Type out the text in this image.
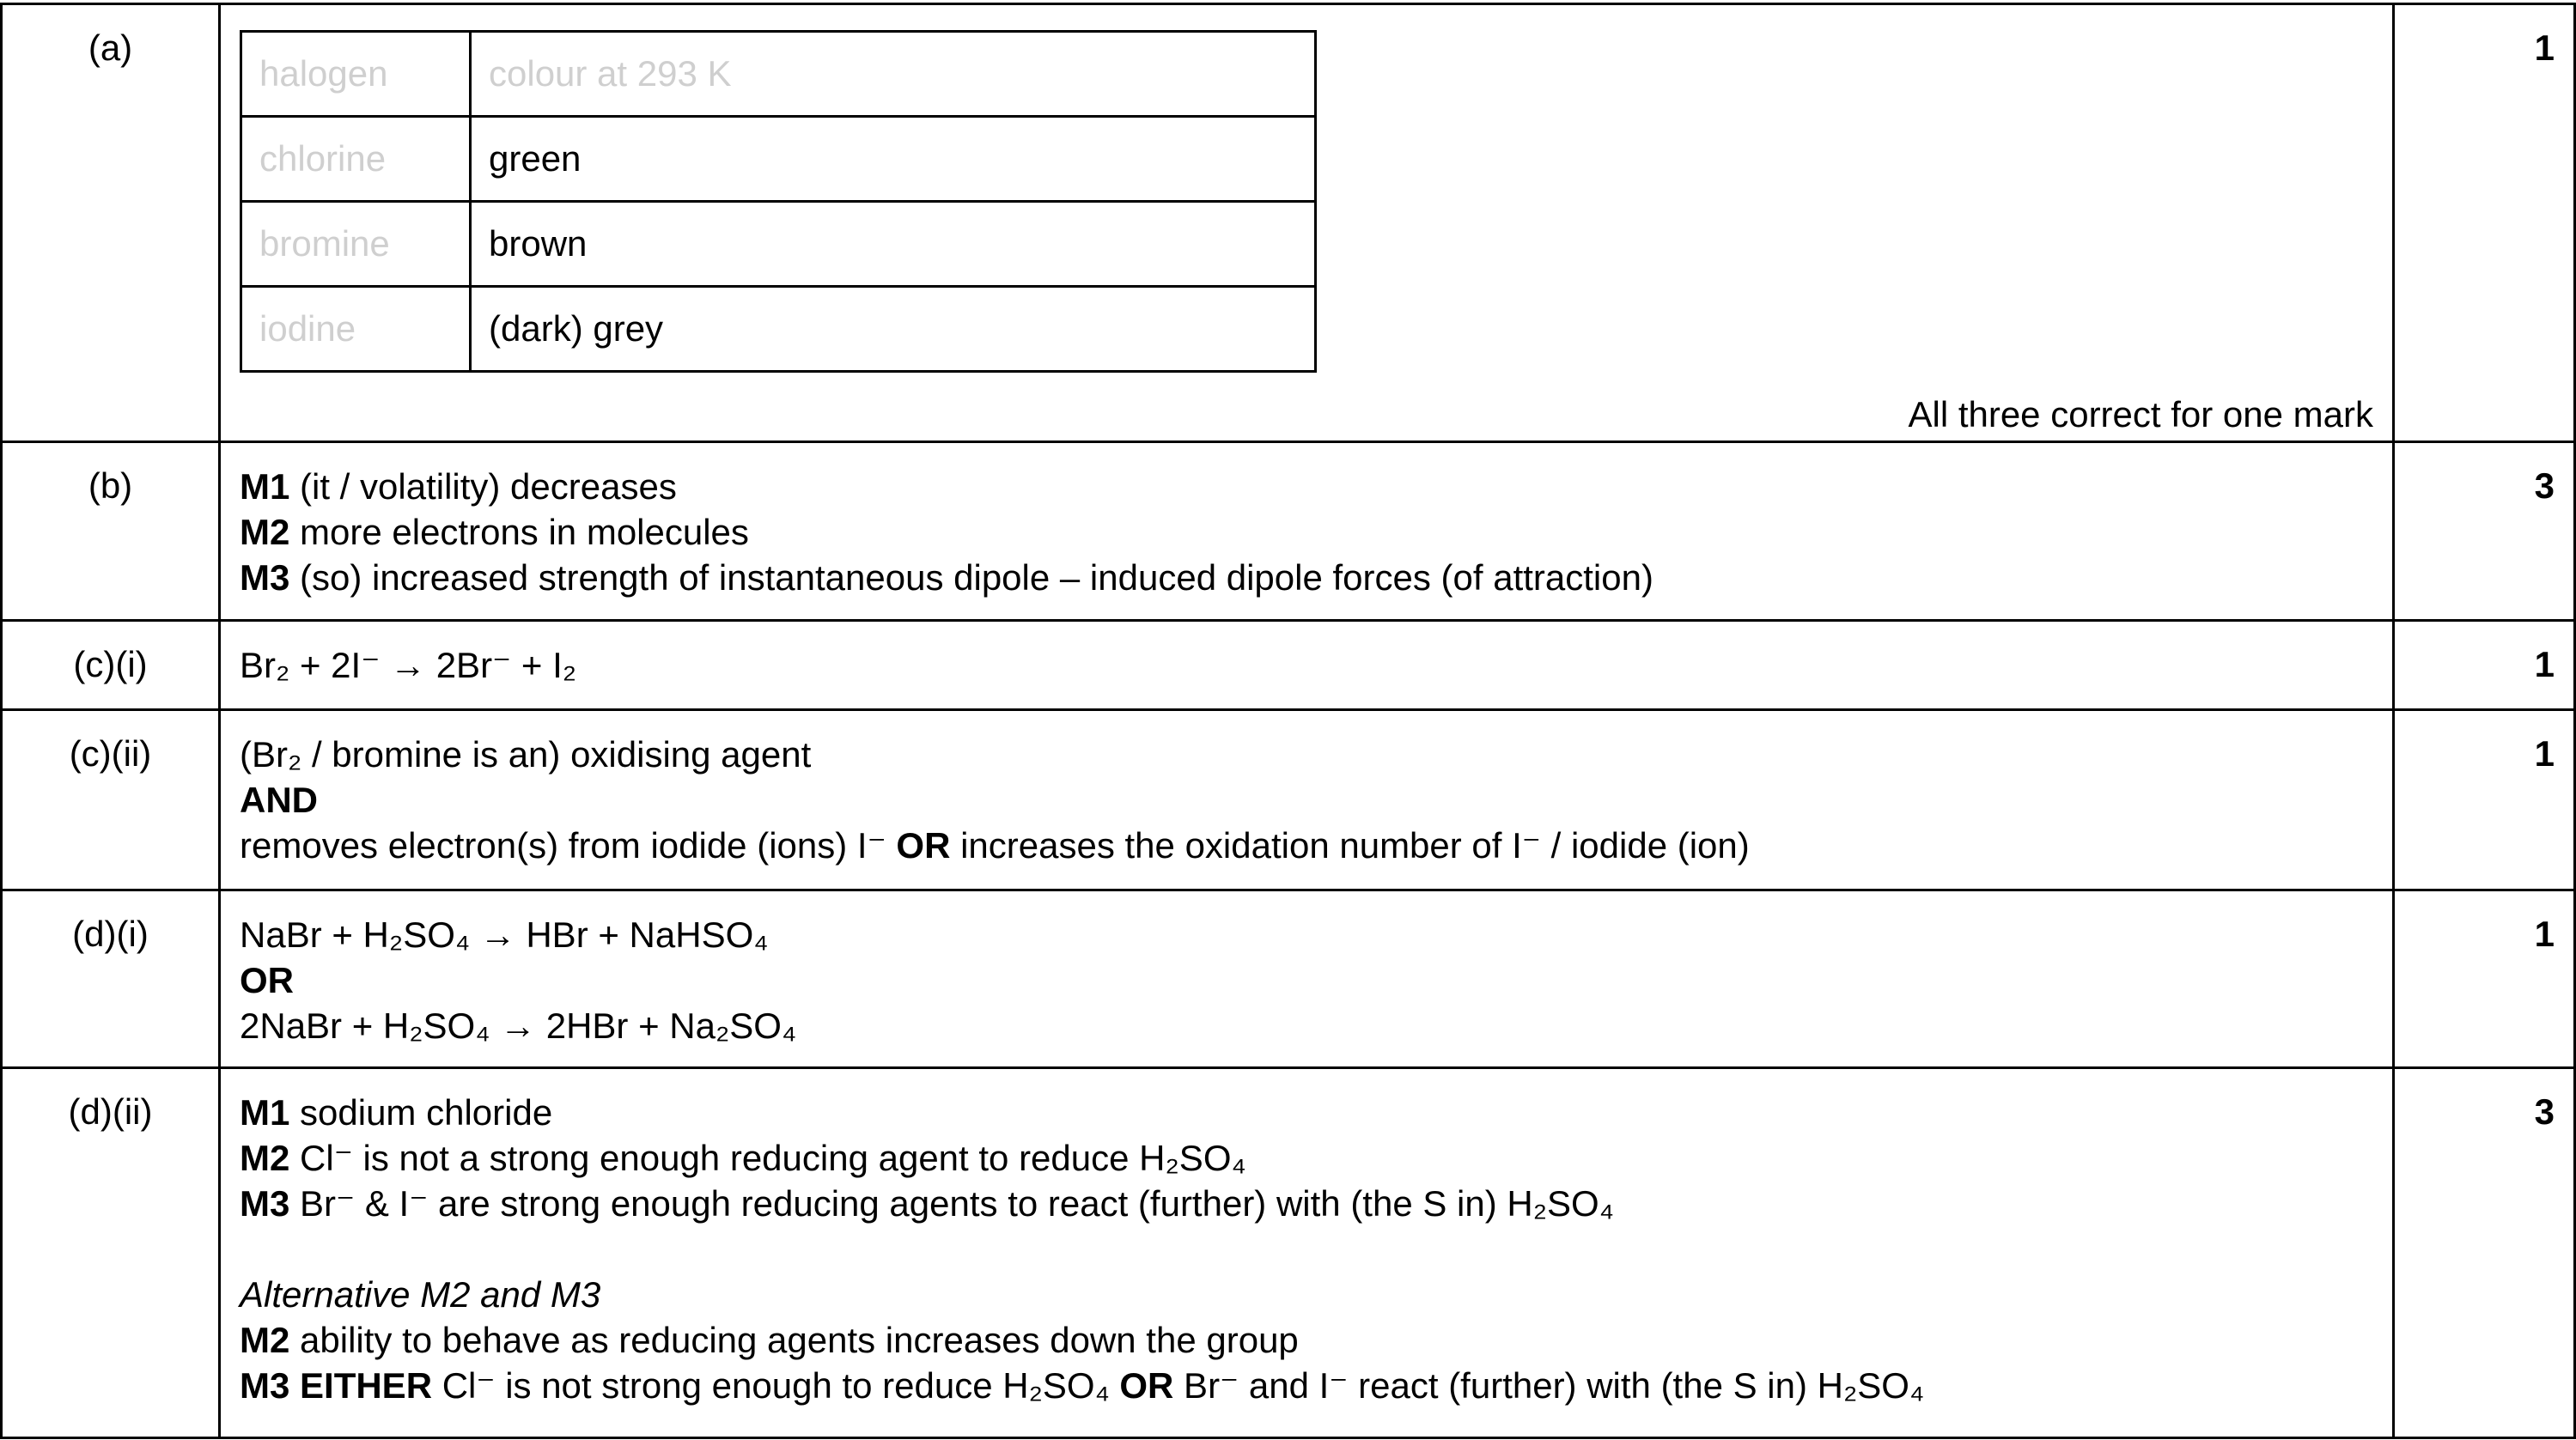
(a)	
halogen	colour at 293 K
chlorine	green
bromine	brown
iodine	(dark) grey
All three correct for one mark
	1
(b)	M1 (it / volatility) decreases
M2 more electrons in molecules
M3 (so) increased strength of instantaneous dipole – induced dipole forces (of attraction)
	3
(c)(i)	Br₂ + 2I⁻ → 2Br⁻ + I₂	1
(c)(ii)	(Br₂ / bromine is an) oxidising agent
AND
removes electron(s) from iodide (ions) I⁻ OR increases the oxidation number of I⁻ / iodide (ion)
	1
(d)(i)	NaBr + H₂SO₄ → HBr + NaHSO₄
OR
2NaBr + H₂SO₄ → 2HBr + Na₂SO₄
	1
(d)(ii)	M1 sodium chloride
M2 Cl⁻ is not a strong enough reducing agent to reduce H₂SO₄
M3 Br⁻ & I⁻ are strong enough reducing agents to react (further) with (the S in) H₂SO₄
Alternative M2 and M3
M2 ability to behave as reducing agents increases down the group
M3 EITHER Cl⁻ is not strong enough to reduce H₂SO₄ OR Br⁻ and I⁻ react (further) with (the S in) H₂SO₄
	3
